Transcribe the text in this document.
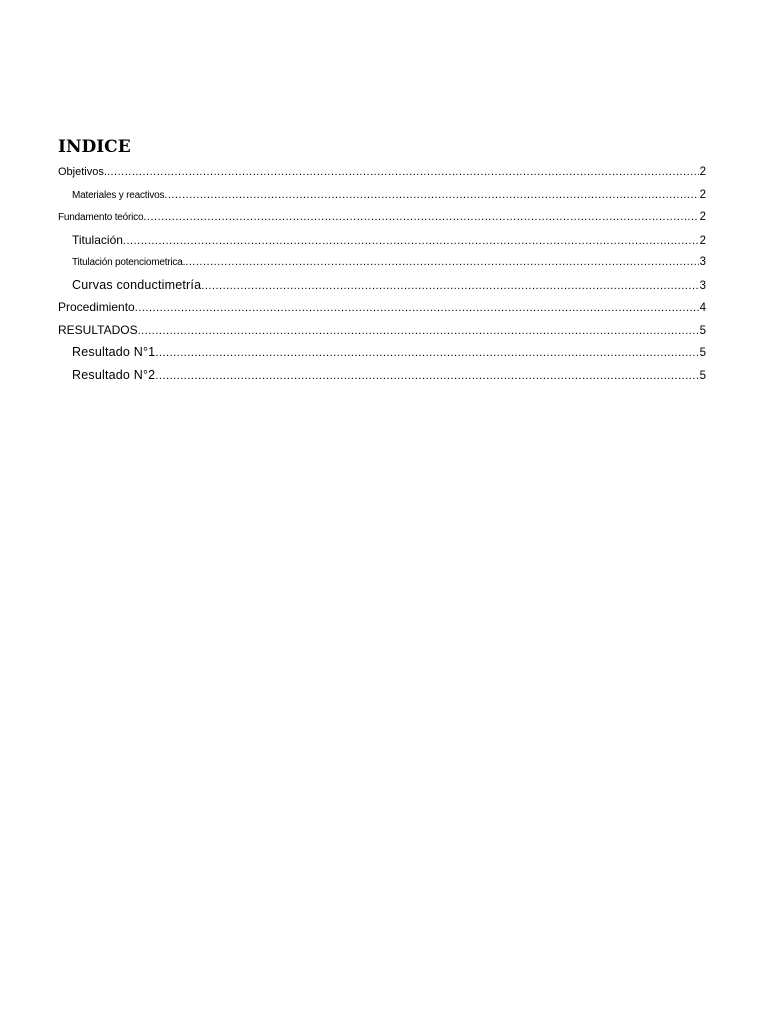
INDICE
Objetivos. .....	2
Materiales y reactivos .....	2
Fundamento teórico .....	2
Titulación .....	2
Titulación potenciometrica. .....	3
Curvas conductimetría .....	3
Procedimiento .....	4
RESULTADOS .....	5
Resultado N°1 .....	5
Resultado N°2 .....	5
